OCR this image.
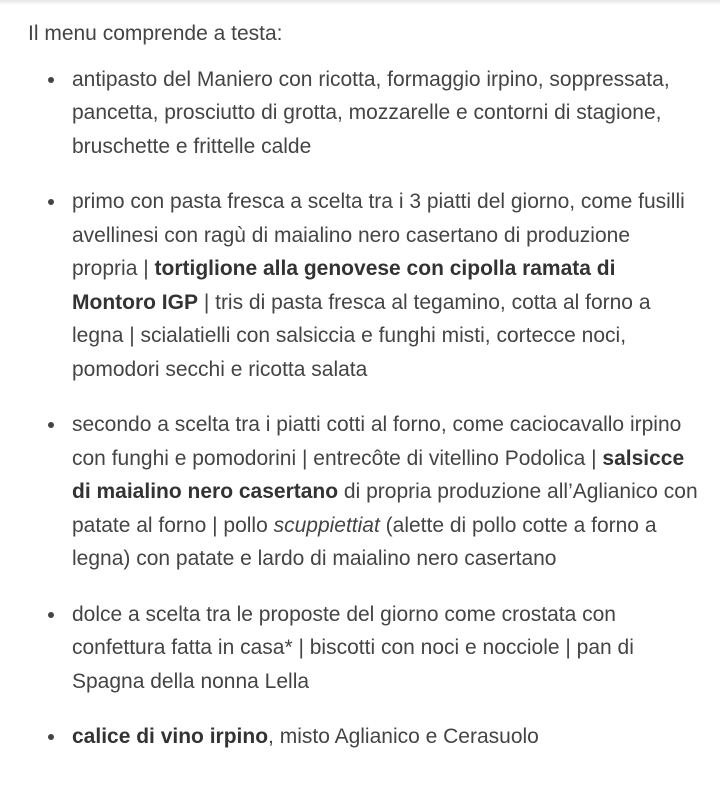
Il menu comprende a testa:

antipasto del Maniero con ricotta, formaggio irpino, soppressata, pancetta, prosciutto di grotta, mozzarelle e contorni di stagione, bruschette e frittelle calde
primo con pasta fresca a scelta tra i 3 piatti del giorno, come fusilli avellinesi con ragù di maialino nero casertano di produzione propria | tortiglione alla genovese con cipolla ramata di Montoro IGP | tris di pasta fresca al tegamino, cotta al forno a legna | scialatielli con salsiccia e funghi misti, cortecce noci, pomodori secchi e ricotta salata
secondo a scelta tra i piatti cotti al forno, come caciocavallo irpino con funghi e pomodorini | entrecôte di vitellino Podolica | salsicce di maialino nero casertano di propria produzione all’Aglianico con patate al forno | pollo scuppiettiat (alette di pollo cotte a forno a legna) con patate e lardo di maialino nero casertano
dolce a scelta tra le proposte del giorno come crostata con confettura fatta in casa* | biscotti con noci e nocciole | pan di Spagna della nonna Lella
calice di vino irpino, misto Aglianico e Cerasuolo
